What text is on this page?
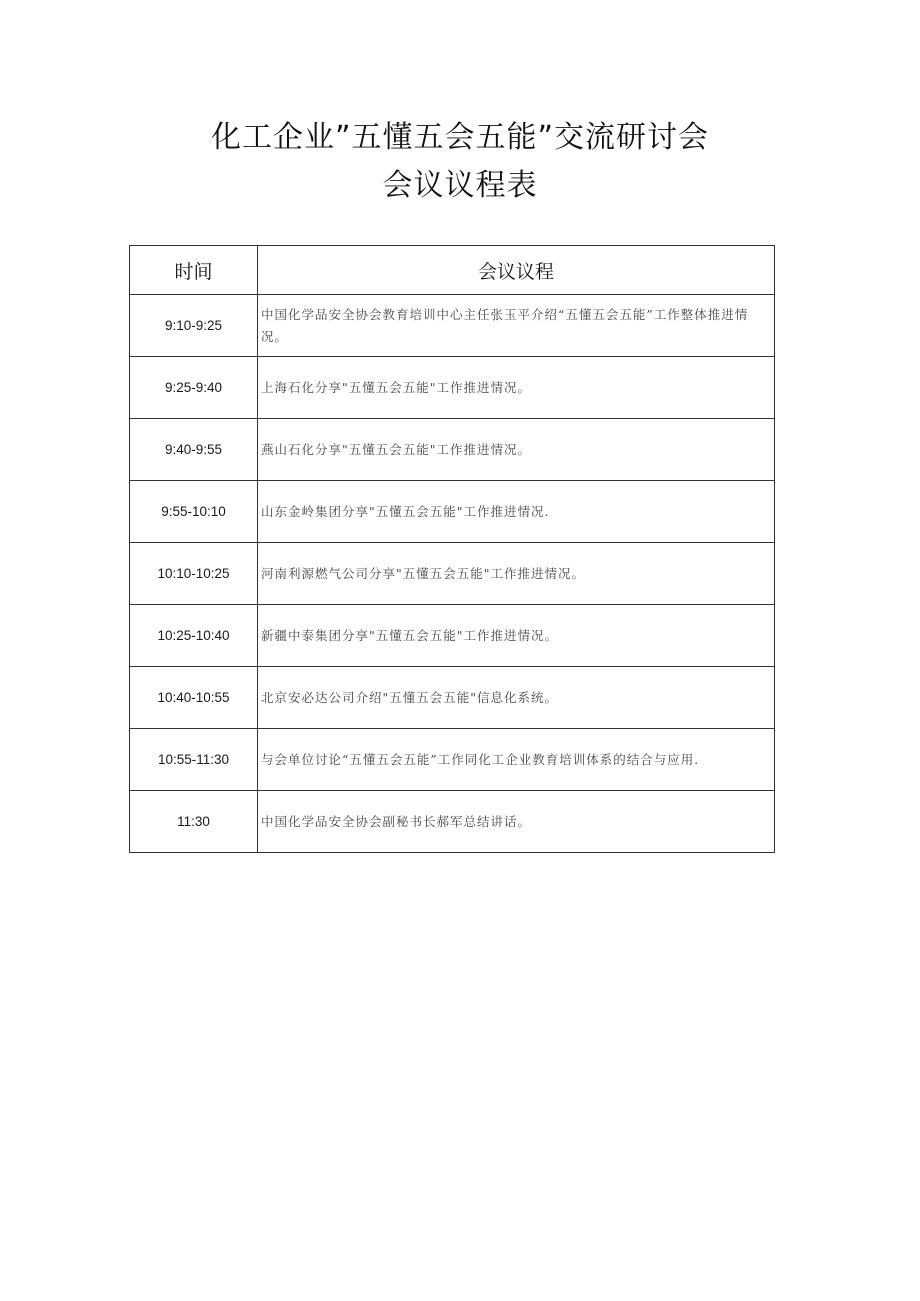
化工企业”五懂五会五能”交流研讨会
会议议程表
时间	会议议程
9:10-9:25	中国化学品安全协会教育培训中心主任张玉平介绍“五懂五会五能”工作整体推进情况。
9:25-9:40	上海石化分享"五懂五会五能"工作推进情况。
9:40-9:55	燕山石化分享"五懂五会五能"工作推进情况。
9:55-10:10	山东金岭集团分享"五懂五会五能"工作推进情况.
10:10-10:25	河南利源燃气公司分享"五懂五会五能"工作推进情况。
10:25-10:40	新疆中泰集团分享"五懂五会五能"工作推进情况。
10:40-10:55	北京安必达公司介绍"五懂五会五能"信息化系统。
10:55-11:30	与会单位讨论“五懂五会五能”工作同化工企业教育培训体系的结合与应用.
11:30	中国化学品安全协会副秘书长郝军总结讲话。
